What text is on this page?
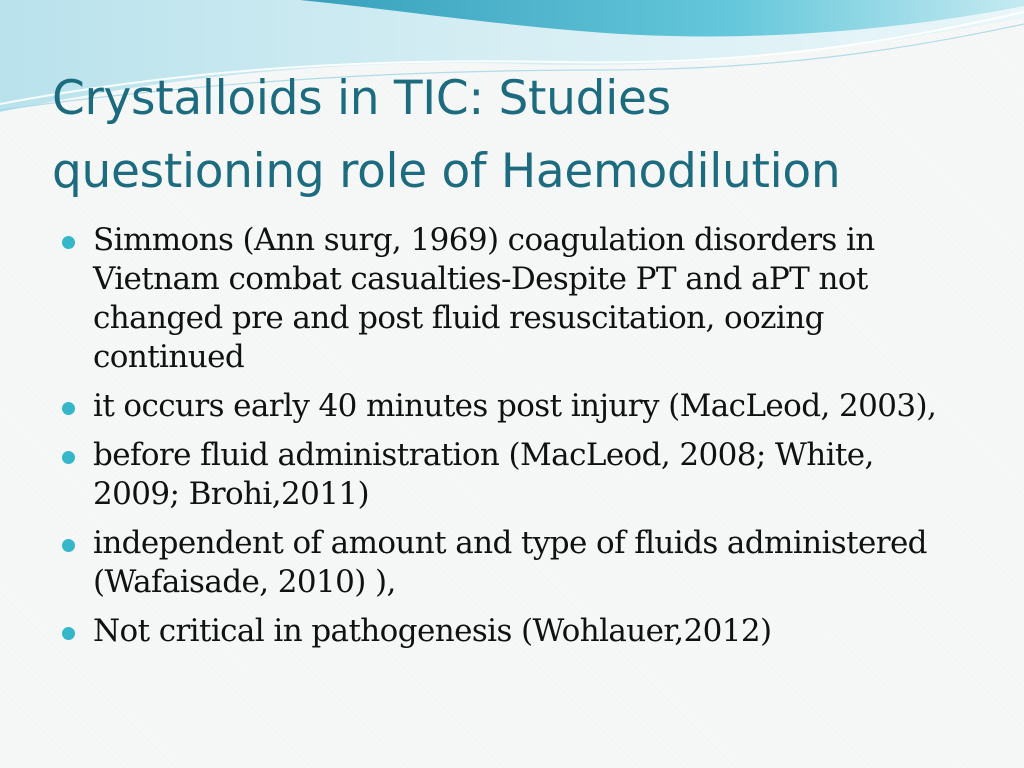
Crystalloids in TIC: Studies
questioning role of Haemodilution
Simmons (Ann surg, 1969) coagulation disorders in Vietnam combat casualties-Despite PT and aPT not changed pre and post fluid resuscitation, oozing continued
it occurs early 40 minutes post injury (MacLeod, 2003),
before fluid administration (MacLeod, 2008; White, 2009; Brohi,2011)
independent of amount and type of fluids administered (Wafaisade, 2010) ),
Not critical in pathogenesis (Wohlauer,2012)
